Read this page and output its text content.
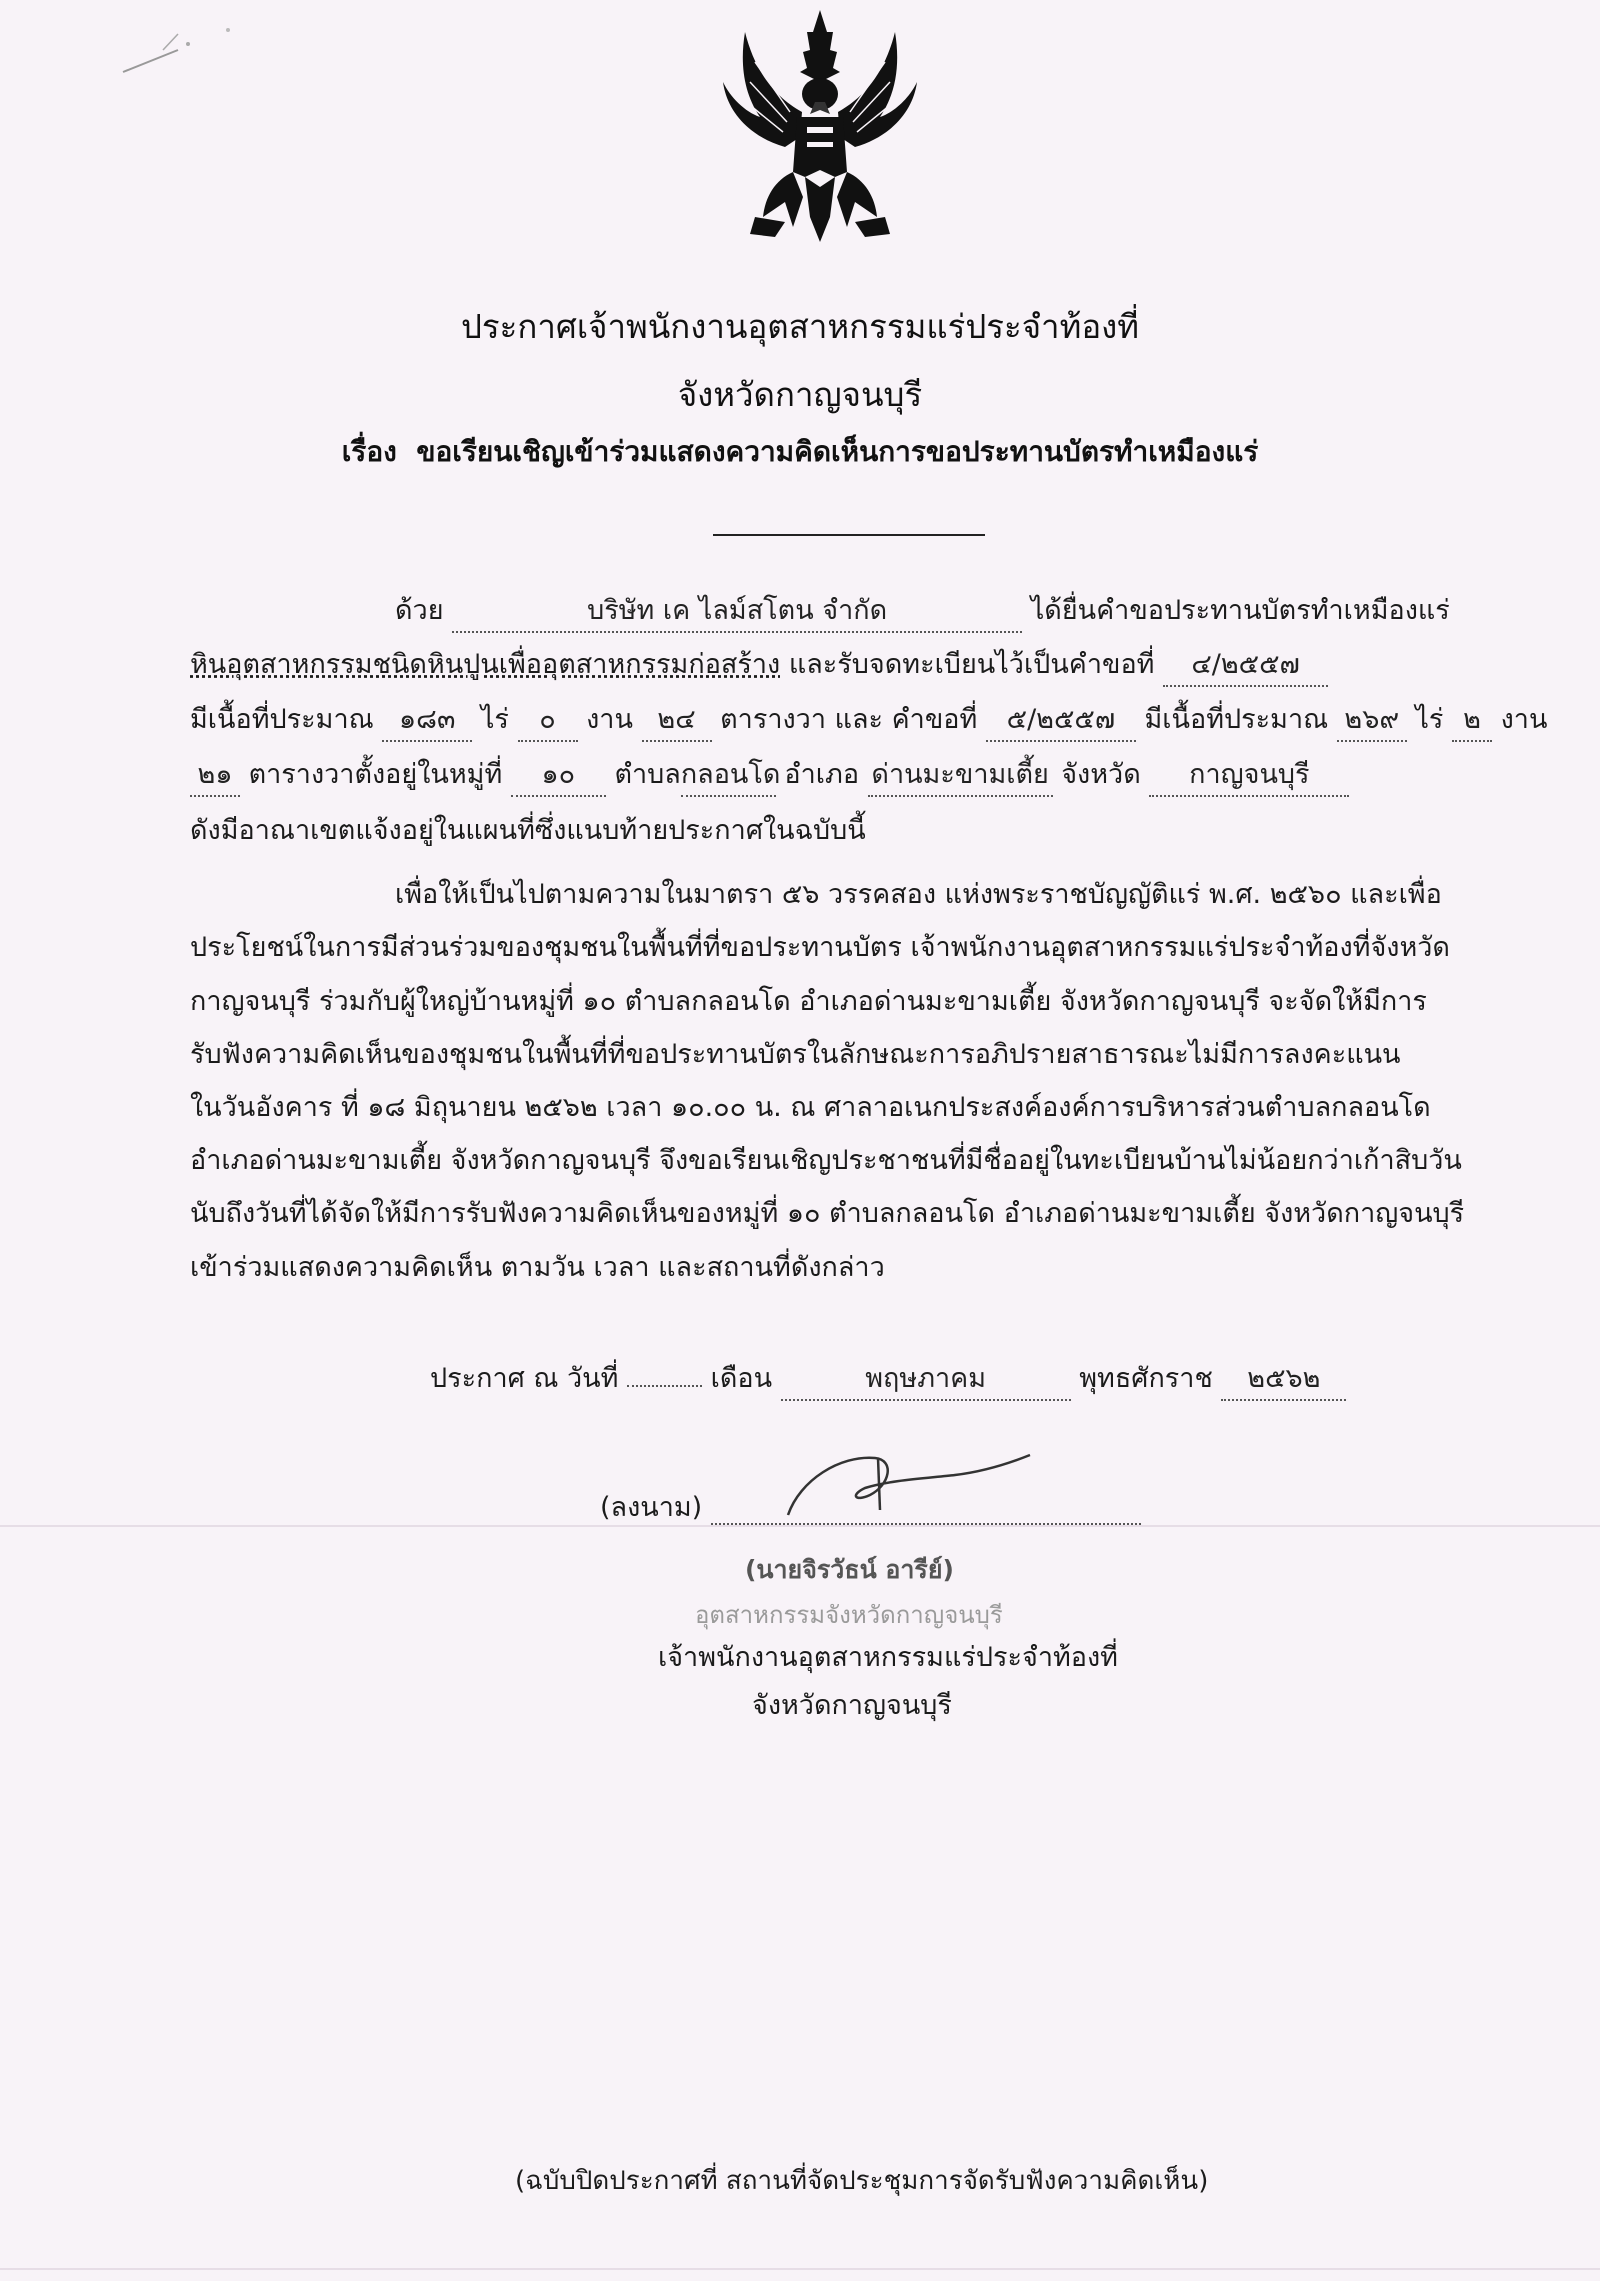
ประกาศเจ้าพนักงานอุตสาหกรรมแร่ประจำท้องที่
จังหวัดกาญจนบุรี
เรื่อง ขอเรียนเชิญเข้าร่วมแสดงความคิดเห็นการขอประทานบัตรทำเหมืองแร่
ด้วย	บริษัท เค ไลม์สโตน จำกัด	ได้ยื่นคำขอประทานบัตรทำเหมืองแร่
หินอุตสาหกรรมชนิดหินปูนเพื่ออุตสาหกรรมก่อสร้าง และรับจดทะเบียนไว้เป็นคำขอที่ ๔/๒๕๕๗
มีเนื้อที่ประมาณ ๑๘๓ ไร่ ๐ งาน ๒๔ ตารางวา และ คำขอที่ ๕/๒๕๕๗ มีเนื้อที่ประมาณ ๒๖๙ ไร่ ๒ งาน
๒๑ ตารางวาตั้งอยู่ในหมู่ที่ ๑๐ ตำบลกลอนโด อำเภอ ด่านมะขามเตี้ย จังหวัด กาญจนบุรี
ดังมีอาณาเขตแจ้งอยู่ในแผนที่ซึ่งแนบท้ายประกาศในฉบับนี้
เพื่อให้เป็นไปตามความในมาตรา ๕๖ วรรคสอง แห่งพระราชบัญญัติแร่ พ.ศ. ๒๕๖๐ และเพื่อ
ประโยชน์ในการมีส่วนร่วมของชุมชนในพื้นที่ที่ขอประทานบัตร เจ้าพนักงานอุตสาหกรรมแร่ประจำท้องที่จังหวัด
กาญจนบุรี ร่วมกับผู้ใหญ่บ้านหมู่ที่ ๑๐ ตำบลกลอนโด อำเภอด่านมะขามเตี้ย จังหวัดกาญจนบุรี จะจัดให้มีการ
รับฟังความคิดเห็นของชุมชนในพื้นที่ที่ขอประทานบัตรในลักษณะการอภิปรายสาธารณะไม่มีการลงคะแนน
ในวันอังคาร ที่ ๑๘ มิถุนายน ๒๕๖๒ เวลา ๑๐.๐๐ น. ณ ศาลาอเนกประสงค์องค์การบริหารส่วนตำบลกลอนโด
อำเภอด่านมะขามเตี้ย จังหวัดกาญจนบุรี จึงขอเรียนเชิญประชาชนที่มีชื่ออยู่ในทะเบียนบ้านไม่น้อยกว่าเก้าสิบวัน
นับถึงวันที่ได้จัดให้มีการรับฟังความคิดเห็นของหมู่ที่ ๑๐ ตำบลกลอนโด อำเภอด่านมะขามเตี้ย จังหวัดกาญจนบุรี
เข้าร่วมแสดงความคิดเห็น ตามวัน เวลา และสถานที่ดังกล่าว
ประกาศ ณ วันที่	เดือน	พฤษภาคม	พุทธศักราช ๒๕๖๒
(ลงนาม)
(นายจิรวัธน์ อารีย์)
อุตสาหกรรมจังหวัดกาญจนบุรี
เจ้าพนักงานอุตสาหกรรมแร่ประจำท้องที่
จังหวัดกาญจนบุรี
(ฉบับปิดประกาศที่ สถานที่จัดประชุมการจัดรับฟังความคิดเห็น)
